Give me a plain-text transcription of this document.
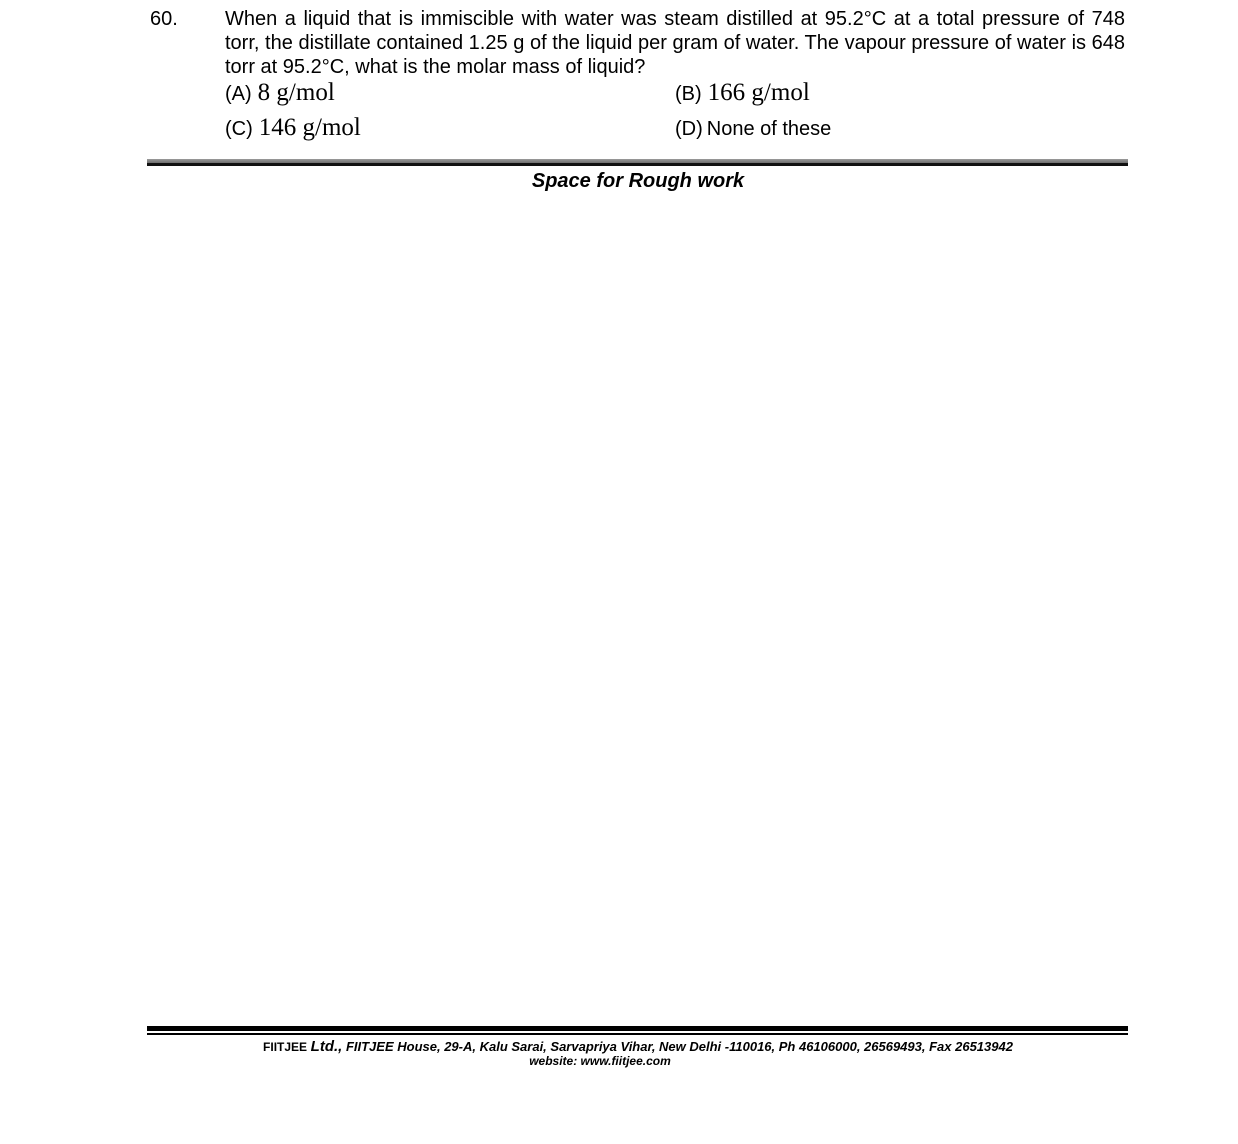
60. When a liquid that is immiscible with water was steam distilled at 95.2°C at a total pressure of 748 torr, the distillate contained 1.25 g of the liquid per gram of water. The vapour pressure of water is 648 torr at 95.2°C, what is the molar mass of liquid?
(A) 8 g/mol	(B) 166 g/mol
(C) 146 g/mol	(D) None of these
Space for Rough work
FIITJEE Ltd., FIITJEE House, 29-A, Kalu Sarai, Sarvapriya Vihar, New Delhi -110016, Ph 46106000, 26569493, Fax 26513942
website: www.fiitjee.com
